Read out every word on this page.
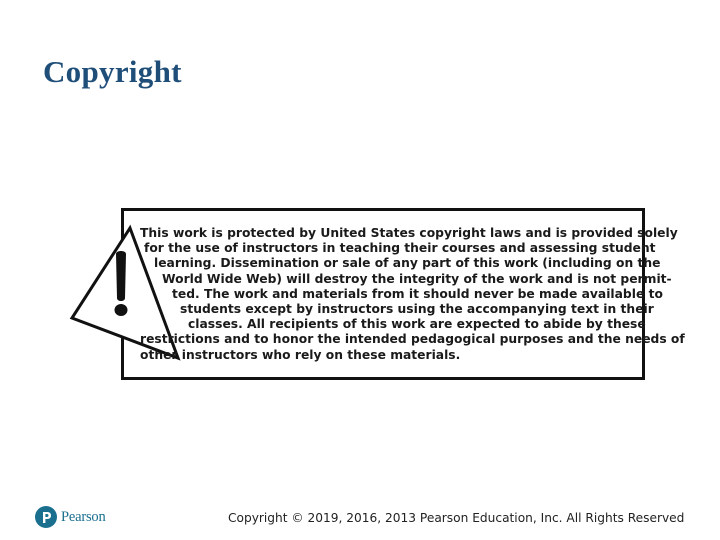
Copyright
This work is protected by United States copyright laws and is provided solely
for the use of instructors in teaching their courses and assessing student
learning. Dissemination or sale of any part of this work (including on the
World Wide Web) will destroy the integrity of the work and is not permit-
ted. The work and materials from it should never be made available to
students except by instructors using the accompanying text in their
classes. All recipients of this work are expected to abide by these
restrictions and to honor the intended pedagogical purposes and the needs of
other instructors who rely on these materials.
Pearson	Copyright © 2019, 2016, 2013 Pearson Education, Inc. All Rights Reserved
